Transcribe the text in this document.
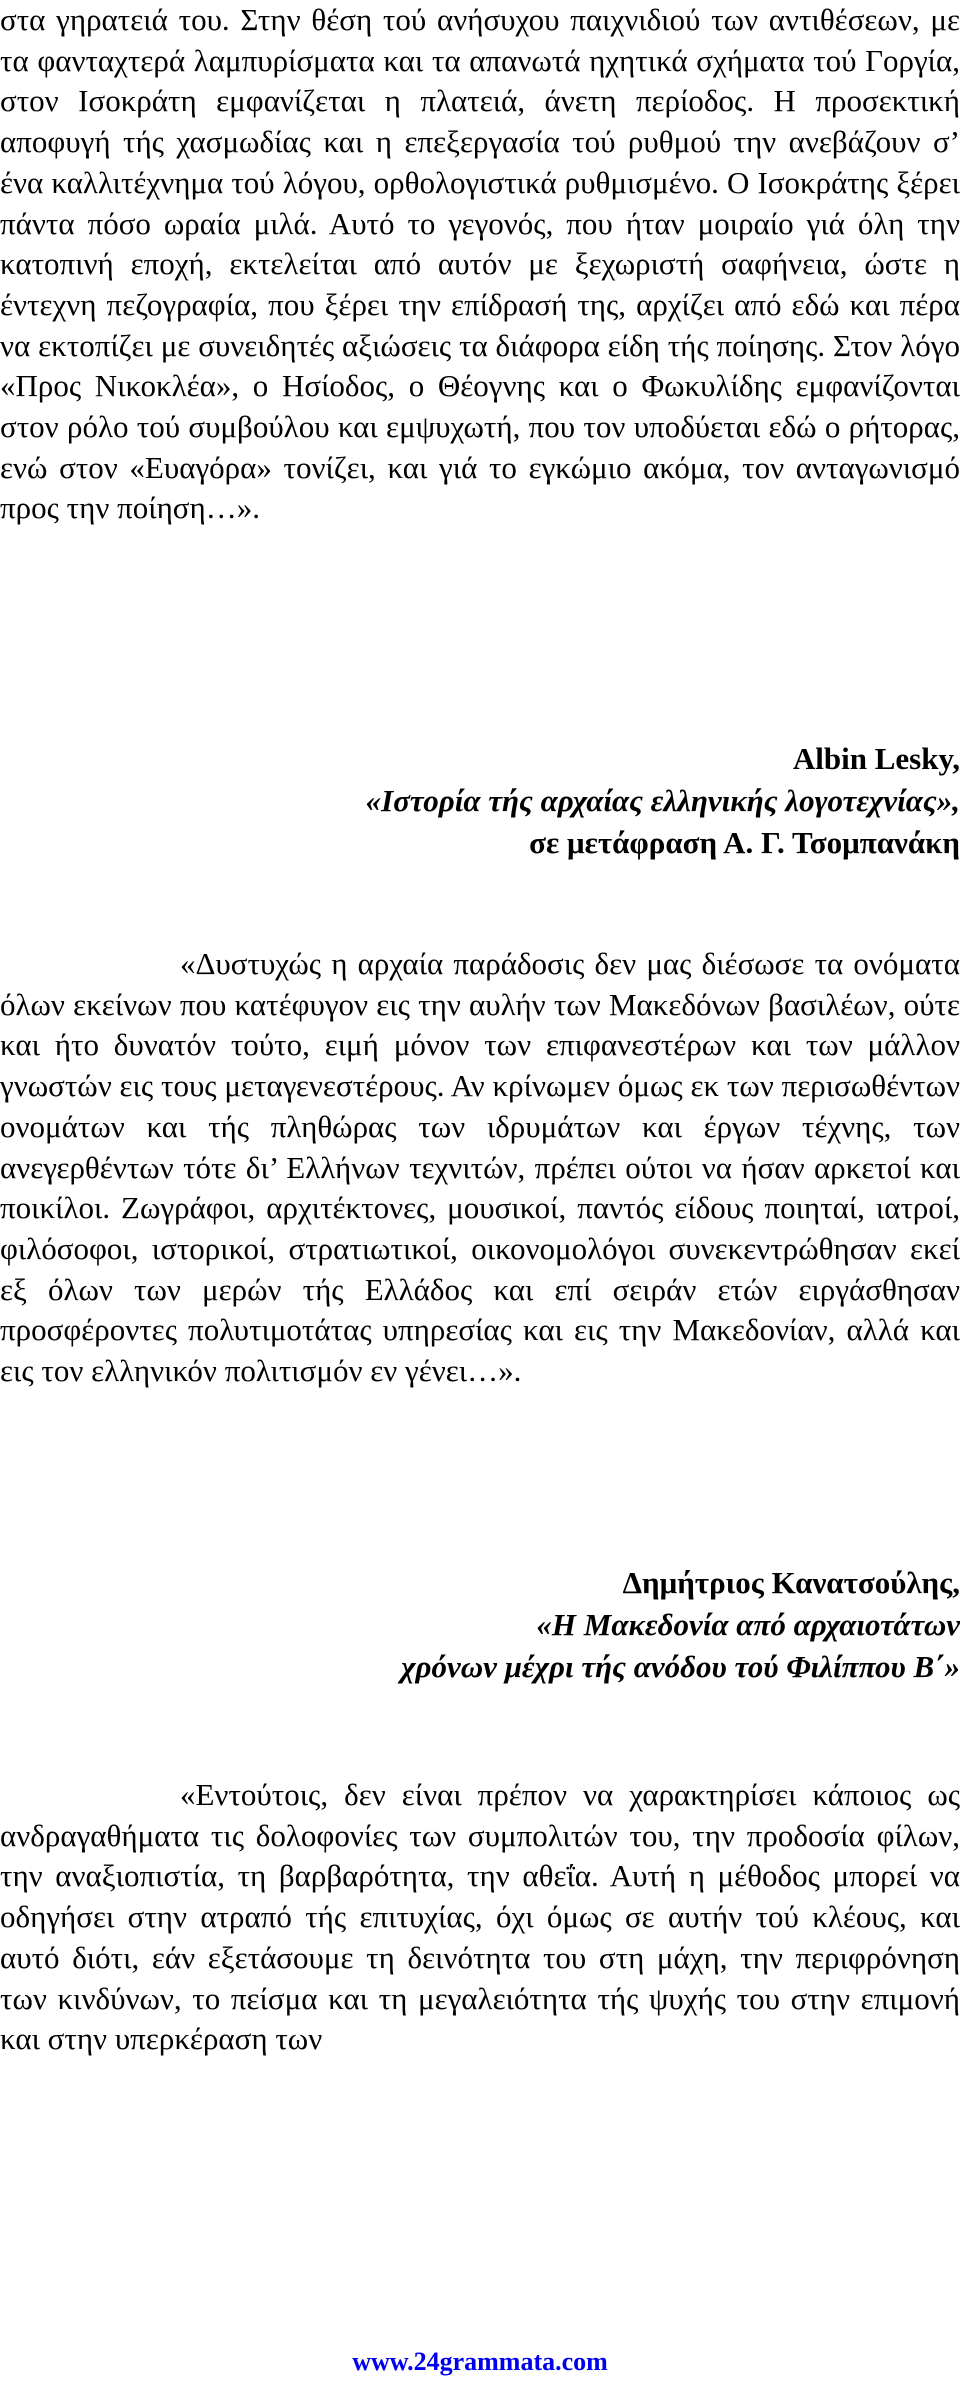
στα γηρατειά του. Στην θέση τού ανήσυχου παιχνιδιού των αντιθέσεων, με τα φανταχτερά λαμπυρίσματα και τα απανωτά ηχητικά σχήματα τού Γοργία, στον Ισοκράτη εμφανίζεται η πλατειά, άνετη περίοδος. Η προσεκτική αποφυγή τής χασμωδίας και η επεξεργασία τού ρυθμού την ανεβάζουν σ’ ένα καλλιτέχνημα τού λόγου, ορθολογιστικά ρυθμισμένο. Ο Ισοκράτης ξέρει πάντα πόσο ωραία μιλά. Αυτό το γεγονός, που ήταν μοιραίο γιά όλη την κατοπινή εποχή, εκτελείται από αυτόν με ξεχωριστή σαφήνεια, ώστε η έντεχνη πεζογραφία, που ξέρει την επίδρασή της, αρχίζει από εδώ και πέρα να εκτοπίζει με συνειδητές αξιώσεις τα διάφορα είδη τής ποίησης. Στον λόγο «Προς Νικοκλέα», ο Ησίοδος, ο Θέογνης και ο Φωκυλίδης εμφανίζονται στον ρόλο τού συμβούλου και εμψυχωτή, που τον υποδύεται εδώ ο ρήτορας, ενώ στον «Ευαγόρα» τονίζει, και γιά το εγκώμιο ακόμα, τον ανταγωνισμό προς την ποίηση…».

Albin Lesky,
«Ιστορία τής αρχαίας ελληνικής λογοτεχνίας»,
σε μετάφραση Α. Γ. Τσομπανάκη

«Δυστυχώς η αρχαία παράδοσις δεν μας διέσωσε τα ονόματα όλων εκείνων που κατέφυγον εις την αυλήν των Μακεδόνων βασιλέων, ούτε και ήτο δυνατόν τούτο, ειμή μόνον των επιφανεστέρων και των μάλλον γνωστών εις τους μεταγενεστέρους. Αν κρίνωμεν όμως εκ των περισωθέντων ονομάτων και τής πληθώρας των ιδρυμάτων και έργων τέχνης, των ανεγερθέντων τότε δι’ Ελλήνων τεχνιτών, πρέπει ούτοι να ήσαν αρκετοί και ποικίλοι. Ζωγράφοι, αρχιτέκτονες, μουσικοί, παντός είδους ποιηταί, ιατροί, φιλόσοφοι, ιστορικοί, στρατιωτικοί, οικονομολόγοι συνεκεντρώθησαν εκεί εξ όλων των μερών τής Ελλάδος και επί σειράν ετών ειργάσθησαν προσφέροντες πολυτιμοτάτας υπηρεσίας και εις την Μακεδονίαν, αλλά και εις τον ελληνικόν πολιτισμόν εν γένει…».

Δημήτριος Κανατσούλης,
«Η Μακεδονία από αρχαιοτάτων
χρόνων μέχρι τής ανόδου τού Φιλίππου Β΄»

«Εντούτοις, δεν είναι πρέπον να χαρακτηρίσει κάποιος ως ανδραγαθήματα τις δολοφονίες των συμπολιτών του, την προδοσία φίλων, την αναξιοπιστία, τη βαρβαρότητα, την αθεΐα. Αυτή η μέθοδος μπορεί να οδηγήσει στην ατραπό τής επιτυχίας, όχι όμως σε αυτήν τού κλέους, και αυτό διότι, εάν εξετάσουμε τη δεινότητα του στη μάχη, την περιφρόνηση των κινδύνων, το πείσμα και τη μεγαλειότητα τής ψυχής του στην επιμονή και στην υπερκέραση των

www.24grammata.com
